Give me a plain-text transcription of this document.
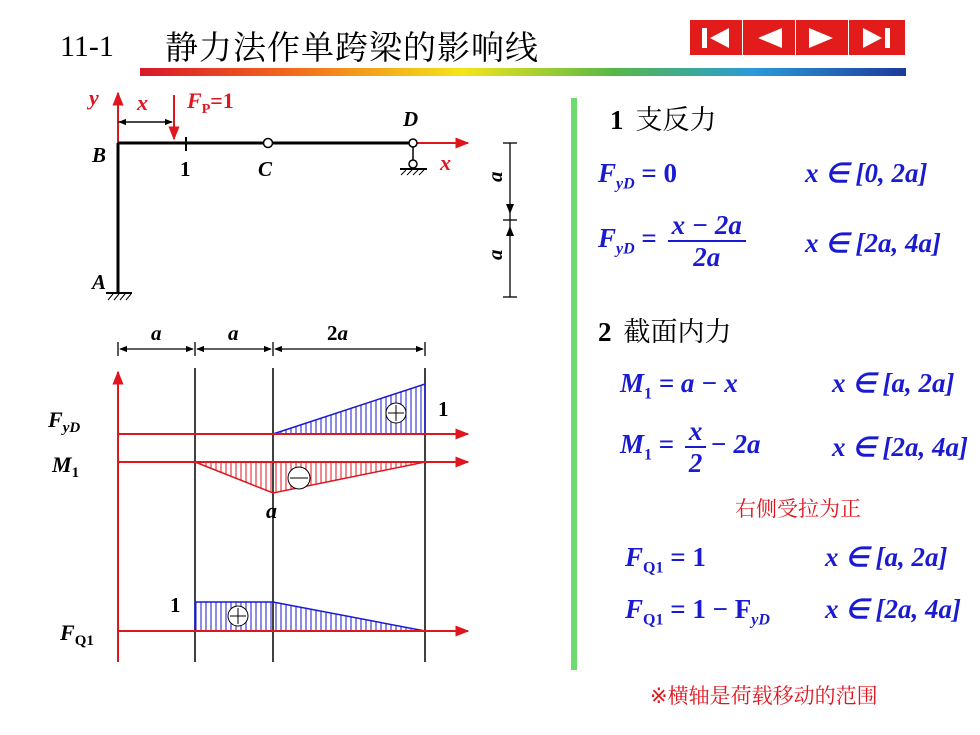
11-1 静力法作单跨梁的影响线
y x $F_P=1$
x
B
1	C
D
A
a
a
a	a	2a
1
$F_{yD}$
a
$M_1$
1
$F_{Q1}$
1 支反力
$F_{yD} = 0$	x ∈ [0, 2a]
$F_{yD} = \frac{x - 2a}{2a}$ x ∈ [2a, 4a]
2 截面内力
$M_1 = a - x$	x ∈ [a, 2a]
$M_1 = \frac{x}{2} - 2a$	x ∈ [2a, 4a]
右侧受拉为正
$F_{Q1} = 1$	x ∈ [a, 2a]
$F_{Q1} = 1 - F_{yD}$ x ∈ [2a, 4a]
※横轴是荷载移动的范围
